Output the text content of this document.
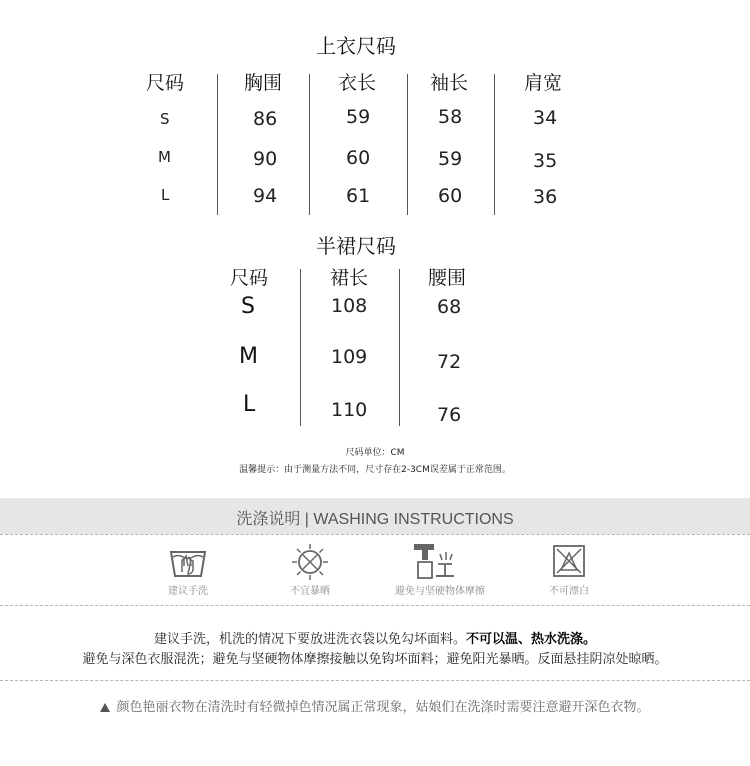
上衣尺码
尺码	胸围	衣长	袖长	肩宽
S	86	59	58	34
M	90	60	59	35
L	94	61	60	36
半裙尺码
尺码	裙长	腰围
S	108	68
M	109	72
L	110	76
尺码单位：CM
温馨提示：由于测量方法不同，尺寸存在2-3CM误差属于正常范围。
洗涤说明 | WASHING INSTRUCTIONS
建议手洗	不宜暴晒	避免与坚硬物体摩擦	不可漂白
建议手洗，机洗的情况下要放进洗衣袋以免勾坏面料。不可以温、热水洗涤。
避免与深色衣服混洗；避免与坚硬物体摩擦接触以免钩坏面料；避免阳光暴晒。反面悬挂阴凉处晾晒。
颜色艳丽衣物在清洗时有轻微掉色情况属正常现象，姑娘们在洗涤时需要注意避开深色衣物。
